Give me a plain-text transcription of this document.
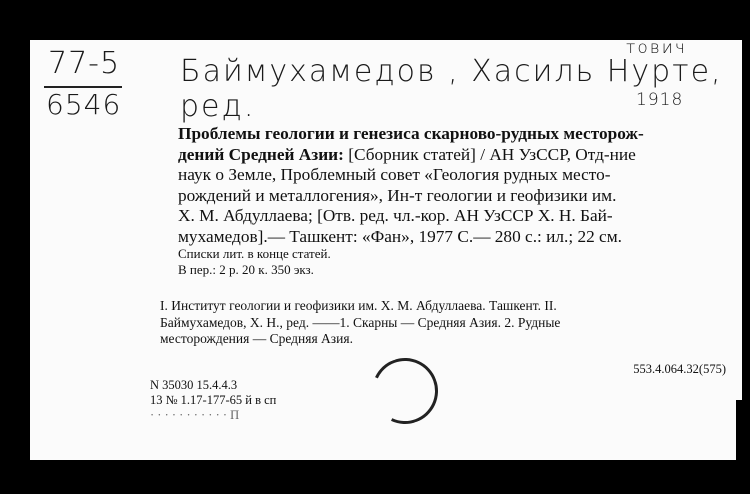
77-5
6546
Баймухамедов , Хасиль Нурте, ред.
тович
1918
Проблемы геологии и генезиса скарново-рудных месторож-
дений Средней Азии: [Сборник статей] / АН УзССР, Отд-ние
наук о Земле, Проблемный совет «Геология рудных место-
рождений и металлогения», Ин-т геологии и геофизики им.
Х. М. Абдуллаева; [Отв. ред. чл.-кор. АН УзССР Х. Н. Бай-
мухамедов].— Ташкент: «Фан», 1977 С.— 280 с.: ил.; 22 см.
Списки лит. в конце статей.
В пер.: 2 р. 20 к. 350 экз.
I. Институт геологии и геофизики им. Х. М. Абдуллаева. Ташкент. II.
Баймухамедов, Х. Н., ред. ——1. Скарны — Средняя Азия. 2. Рудные
месторождения — Средняя Азия.
553.4.064.32(575)
N 35030 15.4.4.3
13 № 1.17-177-65 й в сп
· · · · · · · · · · · П
